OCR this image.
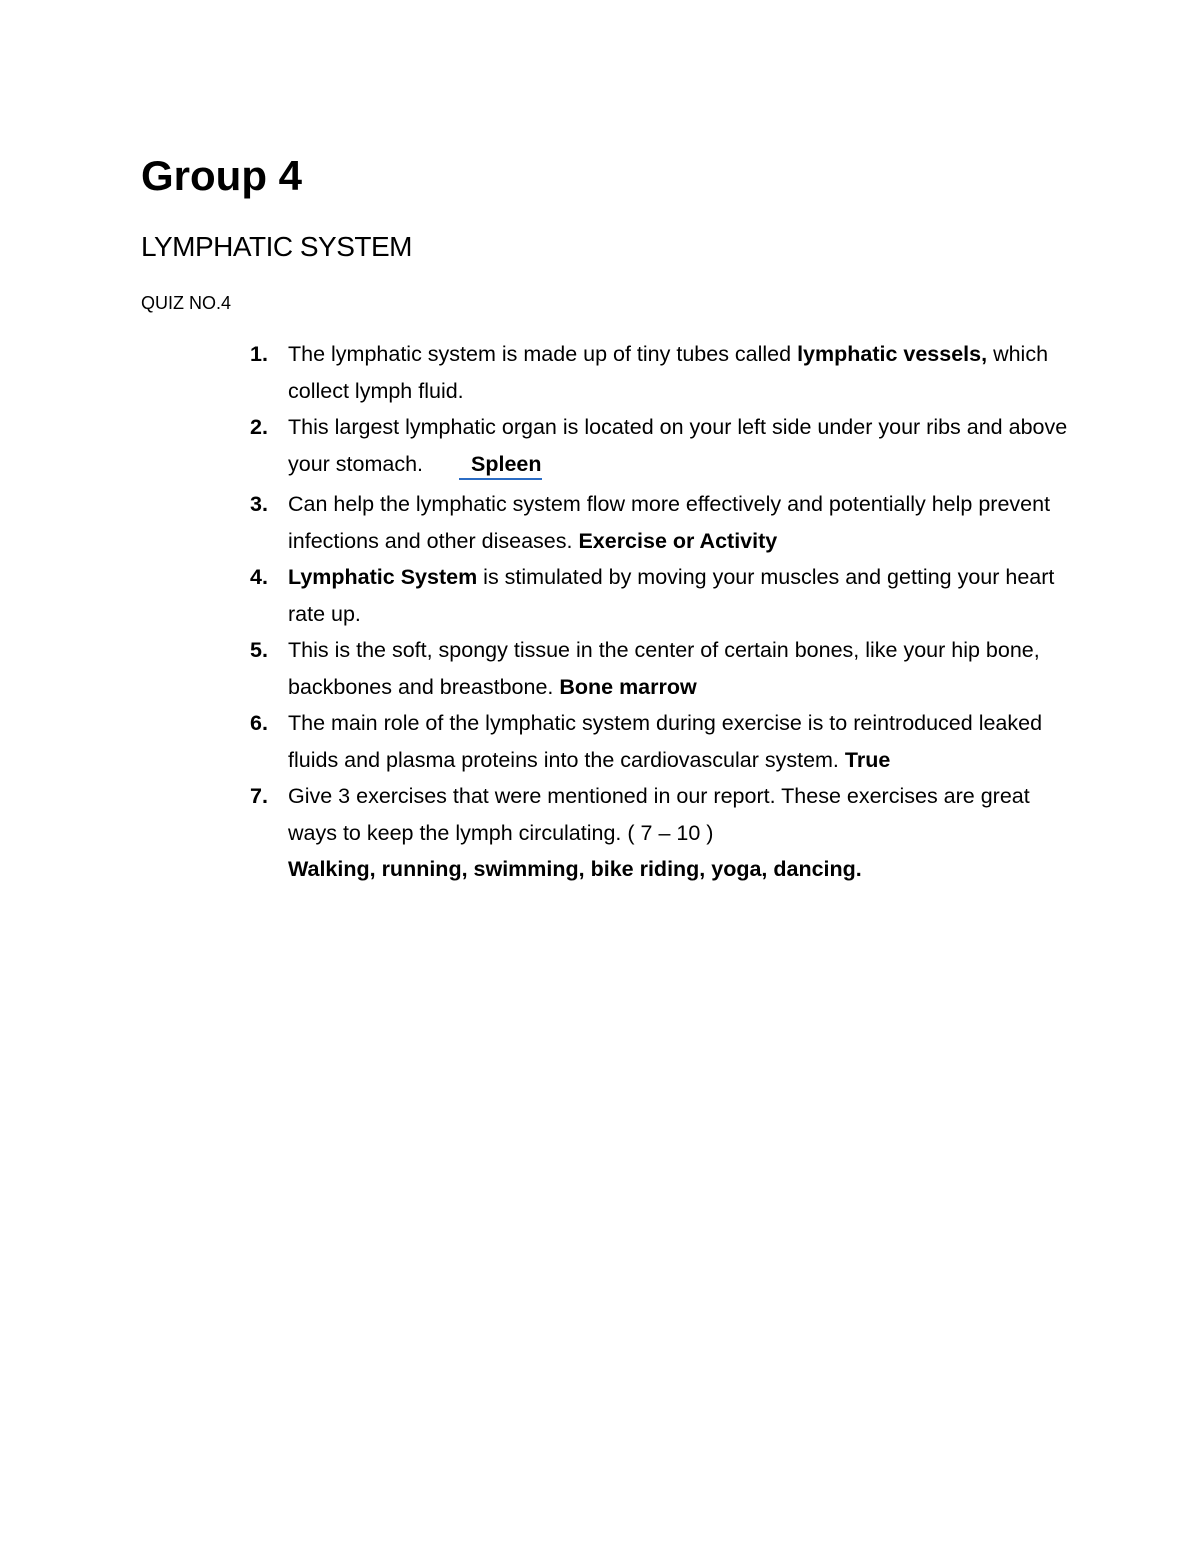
Group 4
LYMPHATIC SYSTEM

QUIZ NO.4

1. The lymphatic system is made up of tiny tubes called lymphatic vessels, which collect lymph fluid.
2. This largest lymphatic organ is located on your left side under your ribs and above your stomach. Spleen
3. Can help the lymphatic system flow more effectively and potentially help prevent infections and other diseases. Exercise or Activity
4. Lymphatic System is stimulated by moving your muscles and getting your heart rate up.
5. This is the soft, spongy tissue in the center of certain bones, like your hip bone, backbones and breastbone. Bone marrow
6. The main role of the lymphatic system during exercise is to reintroduced leaked fluids and plasma proteins into the cardiovascular system. True
7. Give 3 exercises that were mentioned in our report. These exercises are great ways to keep the lymph circulating. ( 7 – 10 )
Walking, running, swimming, bike riding, yoga, dancing.
